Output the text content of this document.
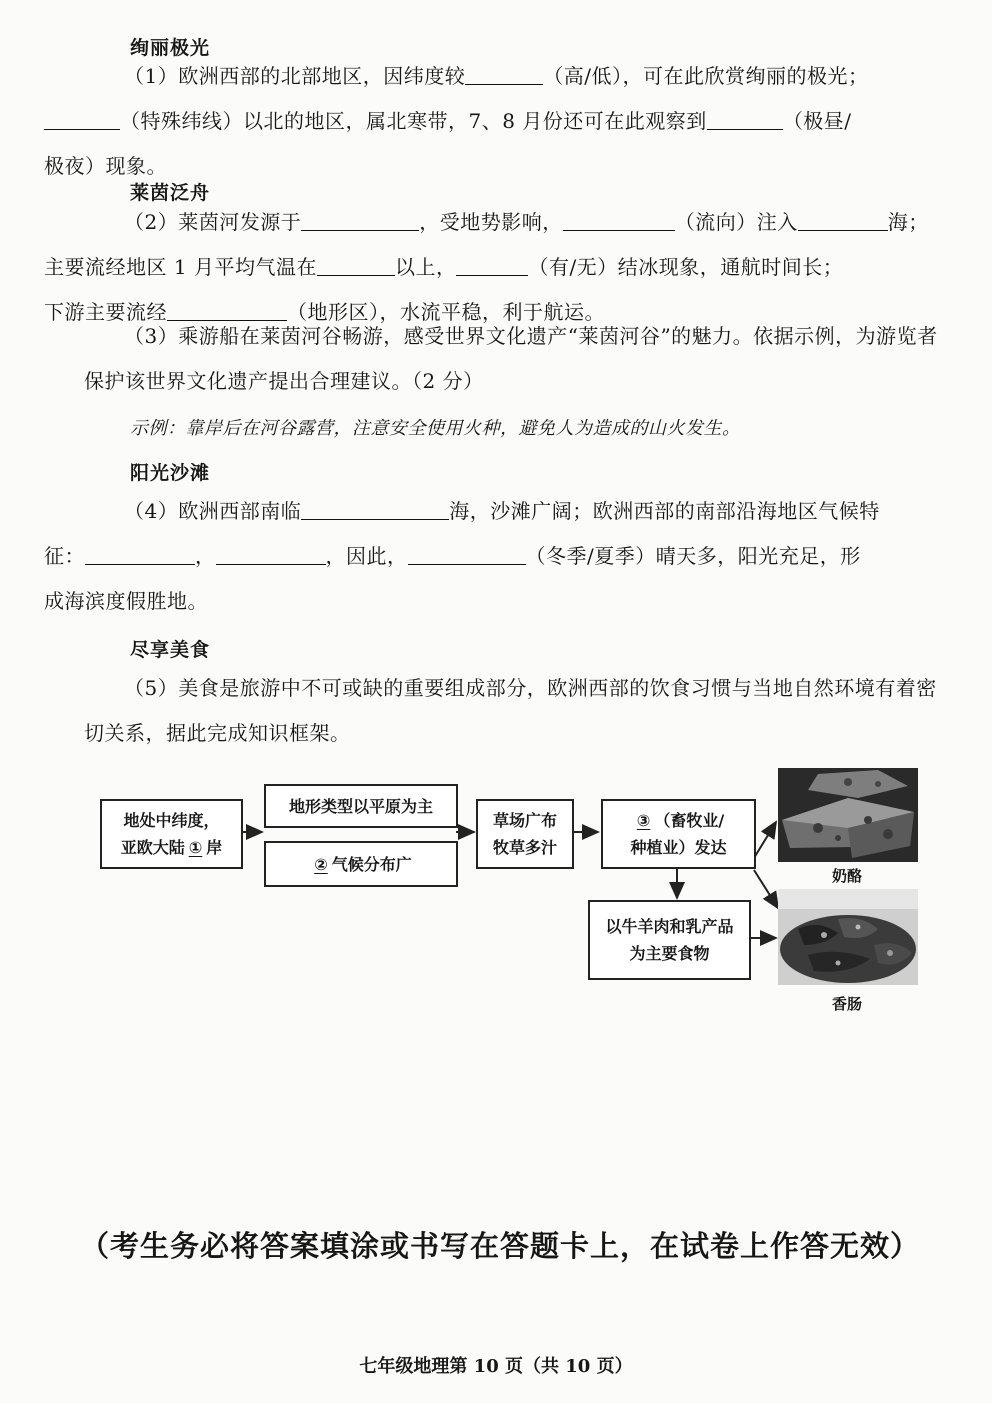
绚丽极光
（1）欧洲西部的北部地区，因纬度较	（高/低），可在此欣赏绚丽的极光；
（特殊纬线）以北的地区，属北寒带，7、8 月份还可在此观察到	（极昼/
极夜）现象。
莱茵泛舟
（2）莱茵河发源于	，受地势影响，	（流向）注入	海；
主要流经地区 1 月平均气温在	以上，	（有/无）结冰现象，通航时间长；
下游主要流经	（地形区），水流平稳，利于航运。
（3）乘游船在莱茵河谷畅游，感受世界文化遗产“莱茵河谷”的魅力。依据示例，为游览者保护该世界文化遗产提出合理建议。（2 分）
示例：靠岸后在河谷露营，注意安全使用火种，避免人为造成的山火发生。
阳光沙滩
（4）欧洲西部南临	海，沙滩广阔；欧洲西部的南部沿海地区气候特
征：	，	，因此，	（冬季/夏季）晴天多，阳光充足，形
成海滨度假胜地。
尽享美食
（5）美食是旅游中不可或缺的重要组成部分，欧洲西部的饮食习惯与当地自然环境有着密切关系，据此完成知识框架。
地处中纬度，
亚欧大陆 ① 岸
地形类型以平原为主
② 气候分布广
草场广布
牧草多汁
③ （畜牧业/
种植业）发达
以牛羊肉和乳产品
为主要食物
奶酪
香肠
（考生务必将答案填涂或书写在答题卡上，在试卷上作答无效）
七年级地理第 10 页（共 10 页）
